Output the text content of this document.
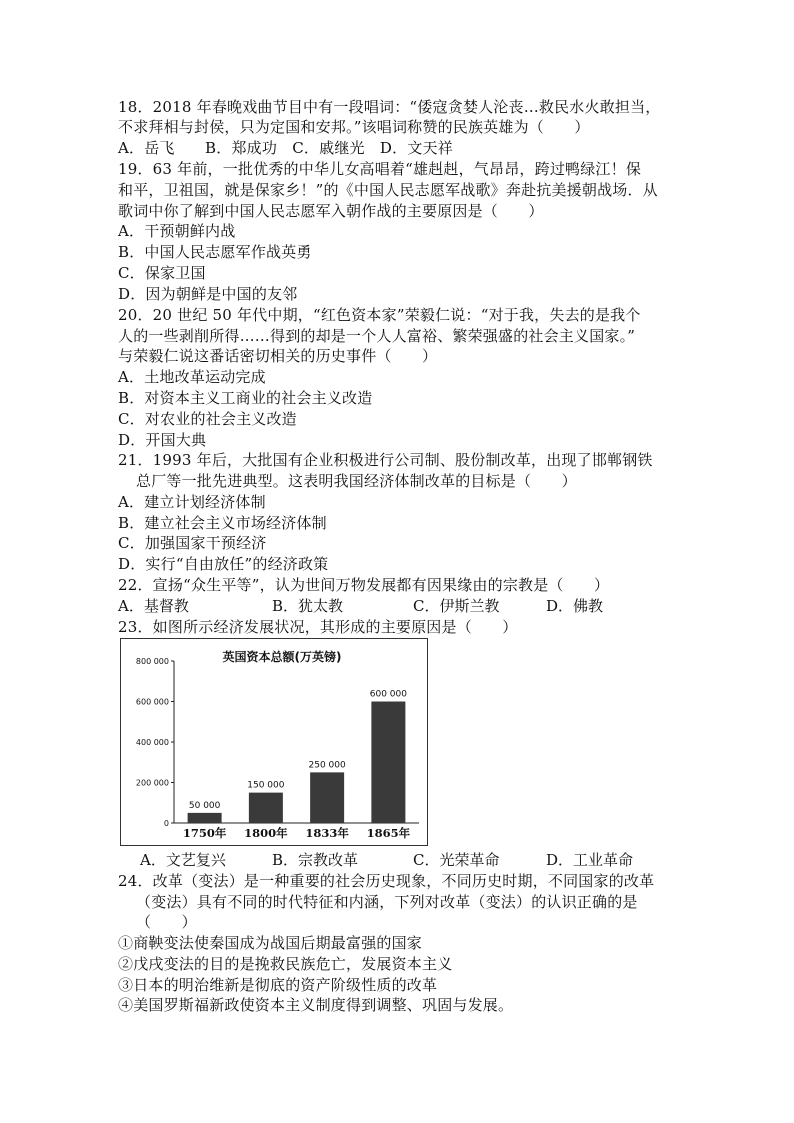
18．2018 年春晚戏曲节目中有一段唱词：“倭寇贪婪人沦丧…救民水火敢担当，
不求拜相与封侯，只为定国和安邦。”该唱词称赞的民族英雄为（　　）
A．岳飞　　B．郑成功　C．戚继光　D．文天祥
19．63 年前，一批优秀的中华儿女高唱着“雄赳赳，气昂昂，跨过鸭绿江！保
和平，卫祖国，就是保家乡！”的《中国人民志愿军战歌》奔赴抗美援朝战场．从
歌词中你了解到中国人民志愿军入朝作战的主要原因是（　　）
A．干预朝鲜内战
B．中国人民志愿军作战英勇
C．保家卫国
D．因为朝鲜是中国的友邻
20．20 世纪 50 年代中期，“红色资本家”荣毅仁说：“对于我，失去的是我个
人的一些剥削所得……得到的却是一个人人富裕、繁荣强盛的社会主义国家。”
与荣毅仁说这番话密切相关的历史事件（　　）
A．土地改革运动完成
B．对资本主义工商业的社会主义改造
C．对农业的社会主义改造
D．开国大典
21．1993 年后，大批国有企业积极进行公司制、股份制改革，出现了邯郸钢铁
总厂等一批先进典型。这表明我国经济体制改革的目标是（　　）
A．建立计划经济体制
B．建立社会主义市场经济体制
C．加强国家干预经济
D．实行“自由放任”的经济政策
22．宣扬“众生平等”，认为世间万物发展都有因果缘由的宗教是（　　）
A．基督教	B．犹太教	C．伊斯兰教	D．佛教
23．如图所示经济发展状况，其形成的主要原因是（　　）
英国资本总额(万英镑)
0
200 000
400 000
600 000
800 000
50 000
150 000
250 000
600 000
1750年 1800年 1833年 1865年
A．文艺复兴	B．宗教改革	C．光荣革命	D．工业革命
24．改革（变法）是一种重要的社会历史现象，不同历史时期，不同国家的改革
（变法）具有不同的时代特征和内涵，下列对改革（变法）的认识正确的是
（　　）
①商鞅变法使秦国成为战国后期最富强的国家
②戊戌变法的目的是挽救民族危亡，发展资本主义
③日本的明治维新是彻底的资产阶级性质的改革
④美国罗斯福新政使资本主义制度得到调整、巩固与发展。
